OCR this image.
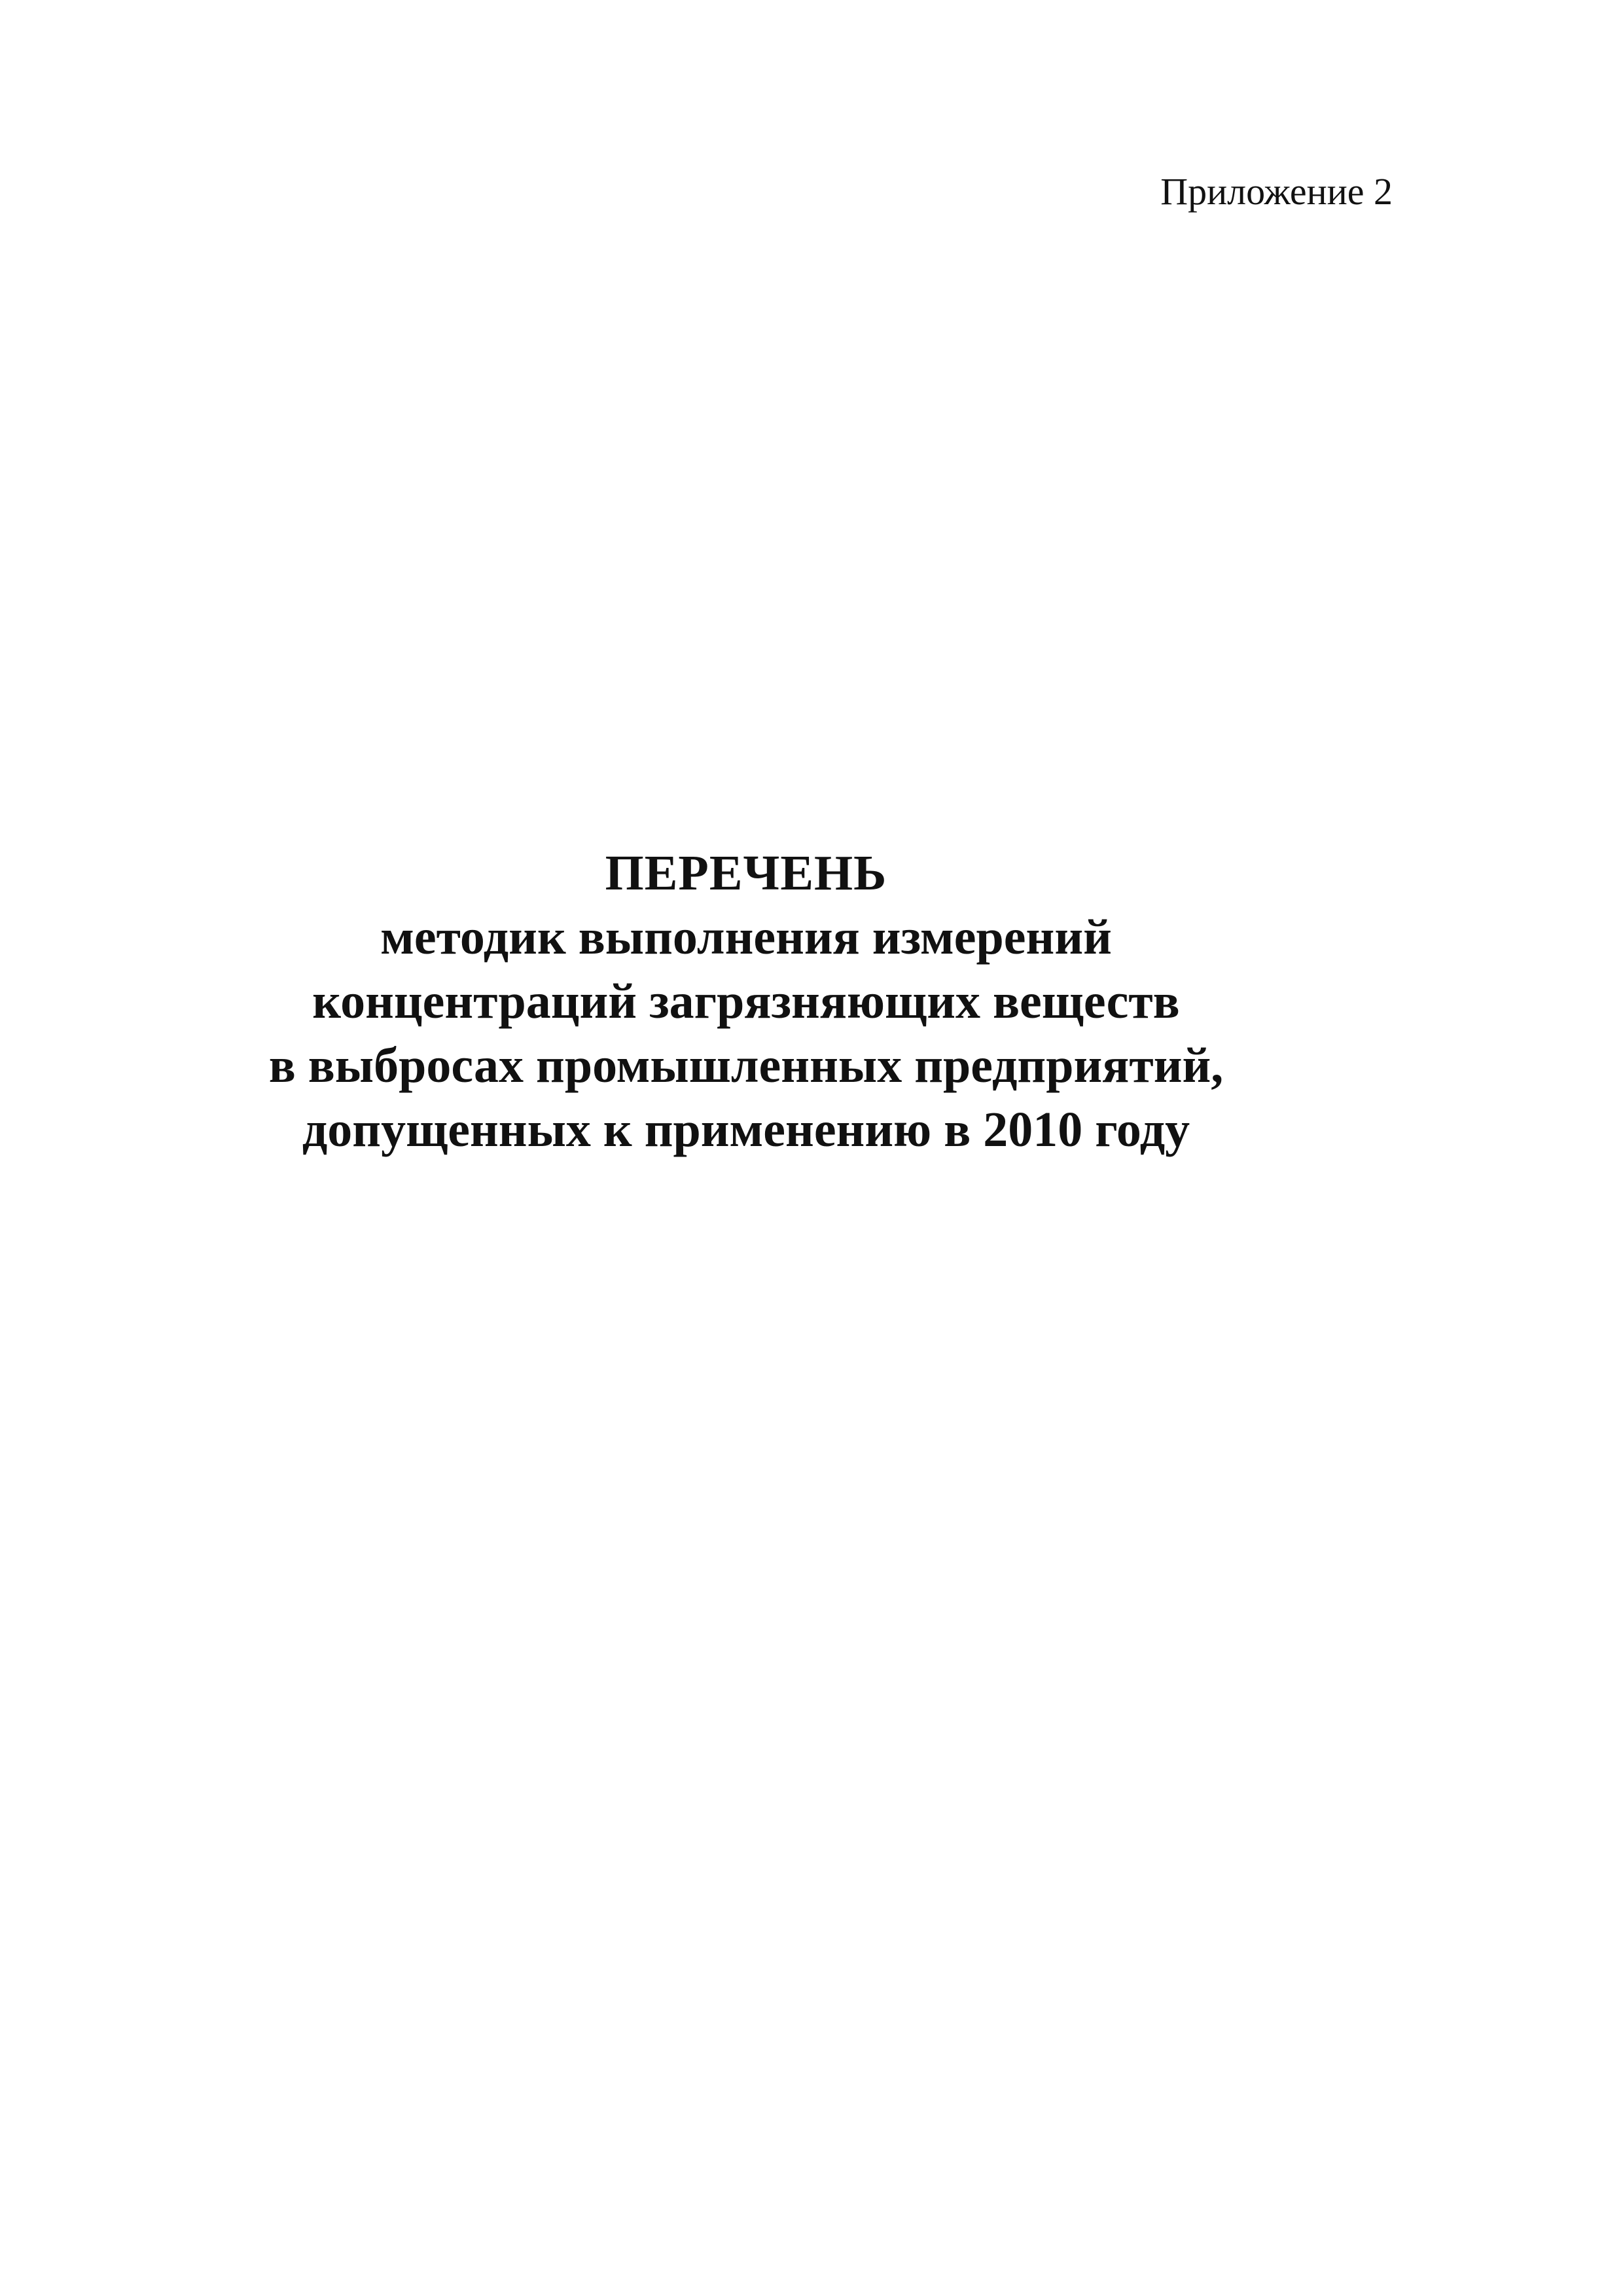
Приложение 2
ПЕРЕЧЕНЬ
методик выполнения измерений
концентраций загрязняющих веществ
в выбросах промышленных предприятий,
допущенных к применению в 2010 году
